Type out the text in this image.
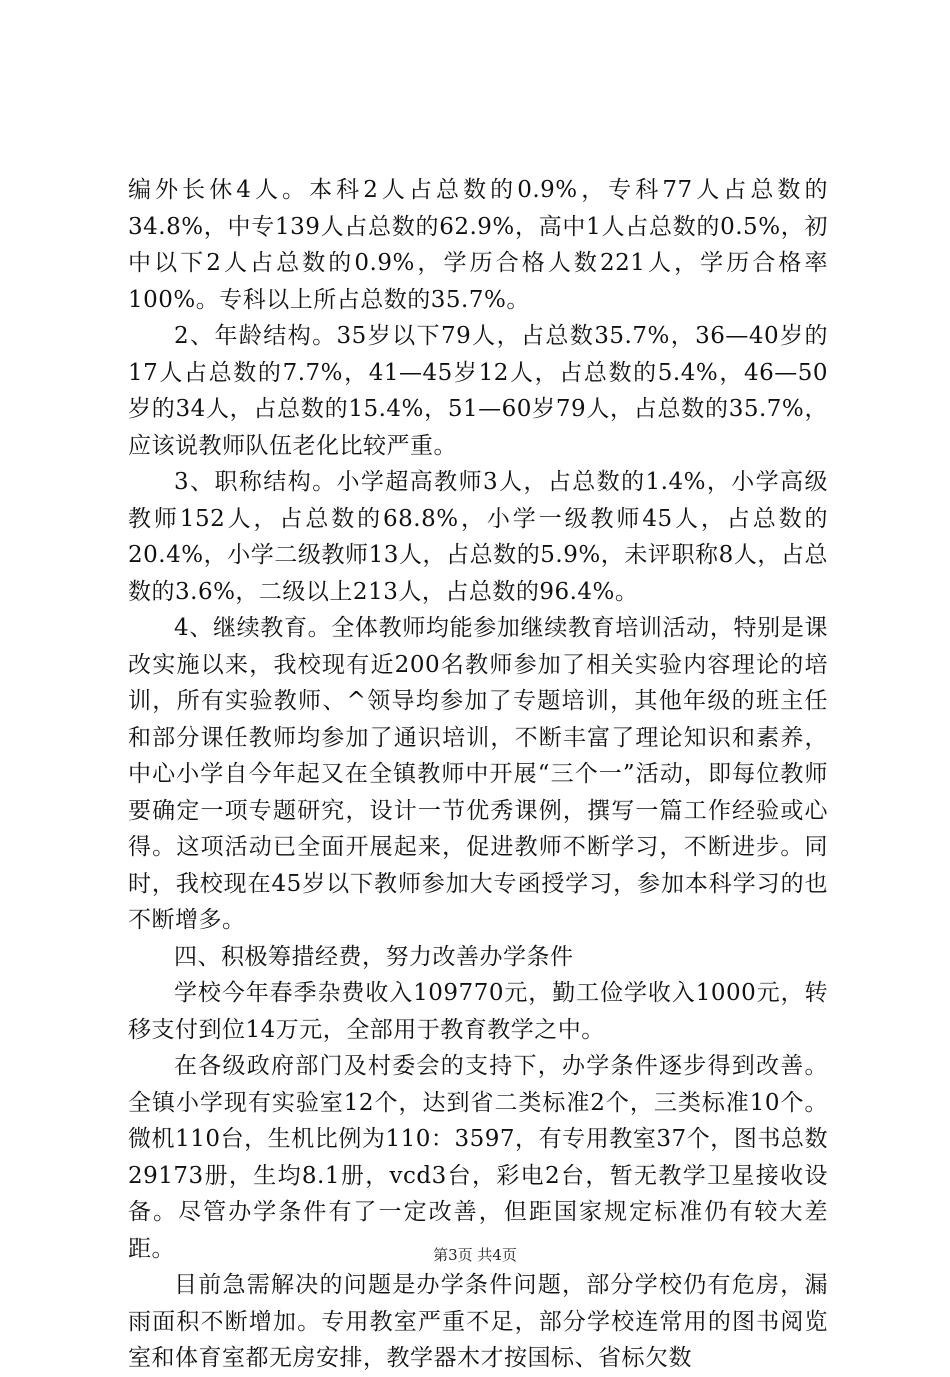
编外长休4人。本科2人占总数的0.9%，专科77人占总数的34.8%，中专139人占总数的62.9%，高中1人占总数的0.5%，初中以下2人占总数的0.9%，学历合格人数221人，学历合格率100%。专科以上所占总数的35.7%。

2、年龄结构。35岁以下79人，占总数35.7%，36—40岁的17人占总数的7.7%，41—45岁12人，占总数的5.4%，46—50岁的34人，占总数的15.4%，51—60岁79人，占总数的35.7%，应该说教师队伍老化比较严重。

3、职称结构。小学超高教师3人，占总数的1.4%，小学高级教师152人，占总数的68.8%，小学一级教师45人，占总数的20.4%，小学二级教师13人，占总数的5.9%，未评职称8人，占总数的3.6%，二级以上213人，占总数的96.4%。

4、继续教育。全体教师均能参加继续教育培训活动，特别是课改实施以来，我校现有近200名教师参加了相关实验内容理论的培训，所有实验教师、^领导均参加了专题培训，其他年级的班主任和部分课任教师均参加了通识培训，不断丰富了理论知识和素养，中心小学自今年起又在全镇教师中开展“三个一”活动，即每位教师要确定一项专题研究，设计一节优秀课例，撰写一篇工作经验或心得。这项活动已全面开展起来，促进教师不断学习，不断进步。同时，我校现在45岁以下教师参加大专函授学习，参加本科学习的也不断增多。

四、积极筹措经费，努力改善办学条件

学校今年春季杂费收入109770元，勤工俭学收入1000元，转移支付到位14万元，全部用于教育教学之中。

在各级政府部门及村委会的支持下，办学条件逐步得到改善。全镇小学现有实验室12个，达到省二类标准2个，三类标准10个。微机110台，生机比例为110：3597，有专用教室37个，图书总数29173册，生均8.1册，vcd3台，彩电2台，暂无教学卫星接收设备。尽管办学条件有了一定改善，但距国家规定标准仍有较大差距。

目前急需解决的问题是办学条件问题，部分学校仍有危房，漏雨面积不断增加。专用教室严重不足，部分学校连常用的图书阅览室和体育室都无房安排，教学器木才按国标、省标欠数

第3页 共4页
